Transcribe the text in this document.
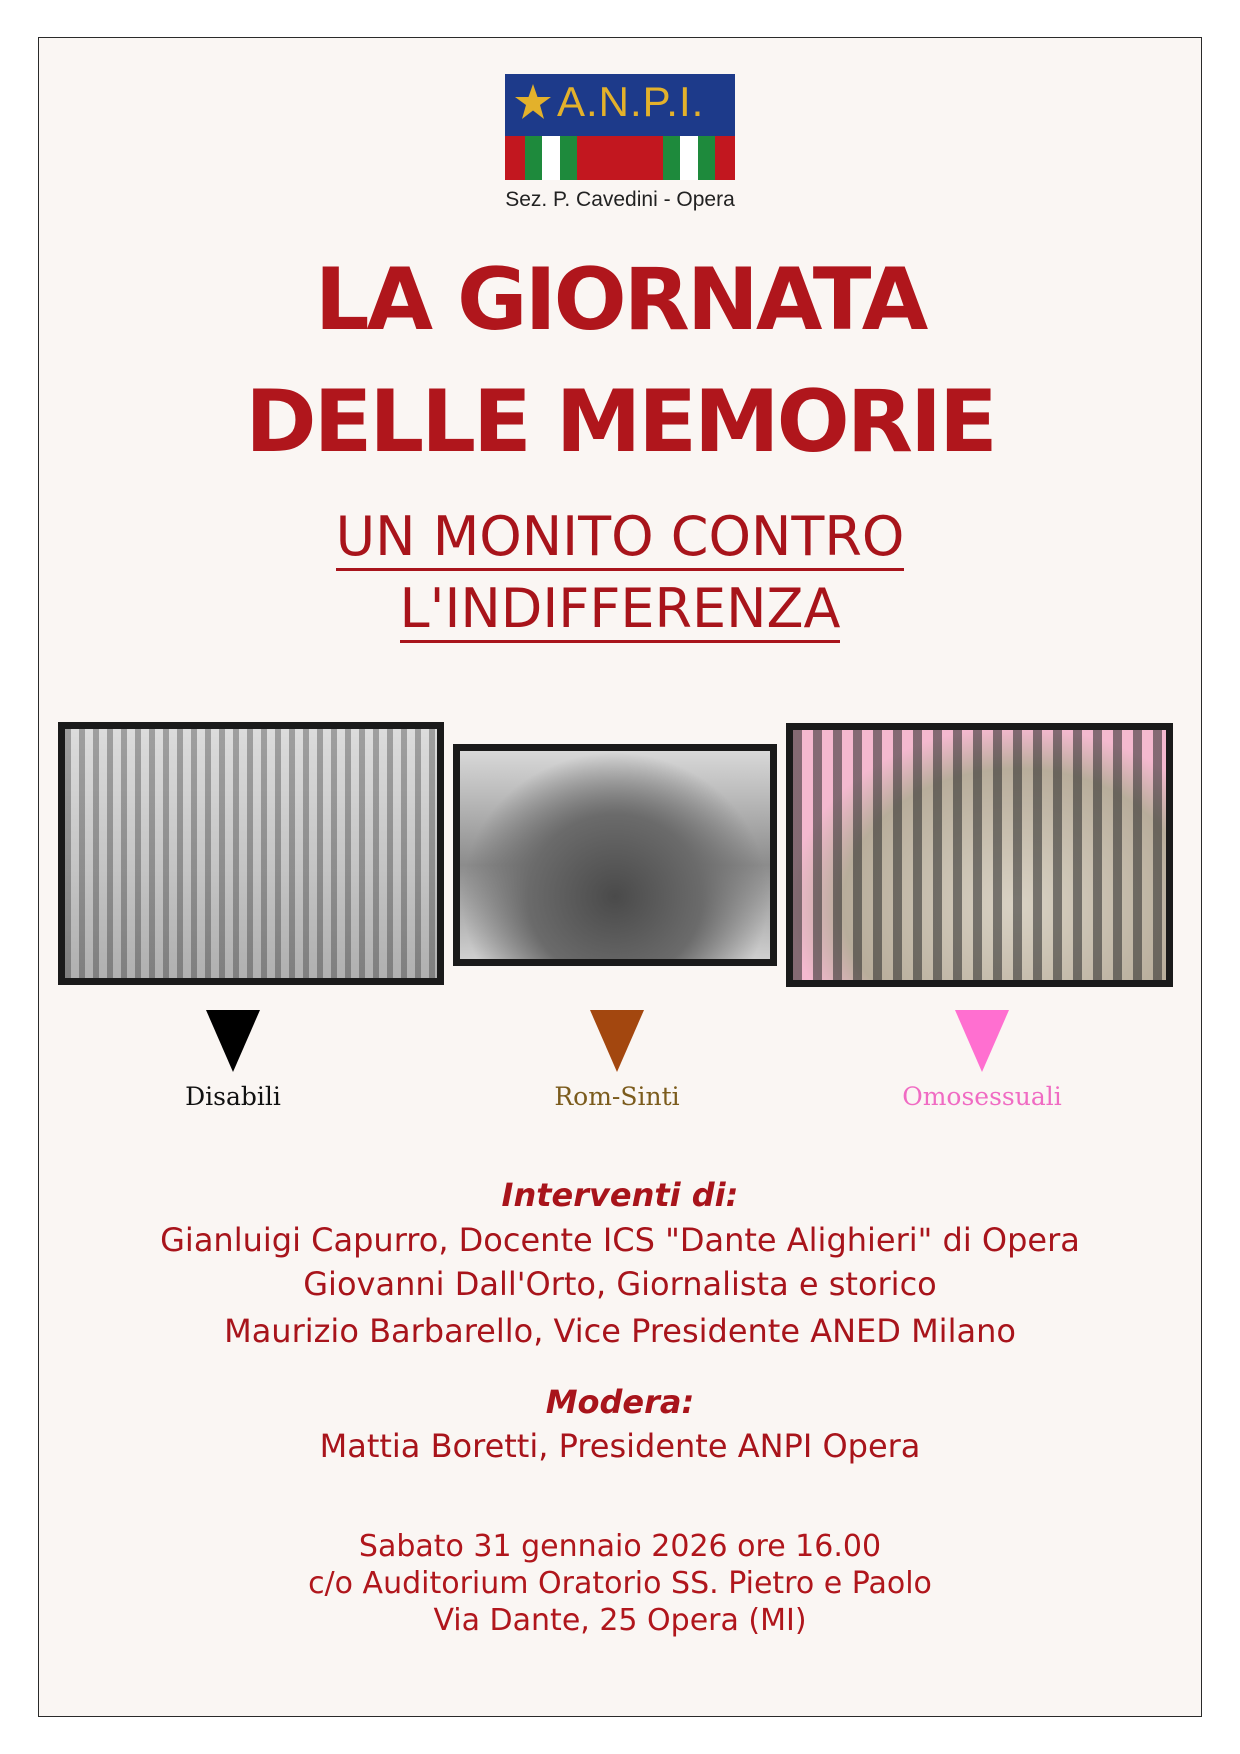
A.N.P.I.
Sez. P. Cavedini - Opera
LA GIORNATA
DELLE MEMORIE
UN MONITO CONTRO
L'INDIFFERENZA
Disabili	Rom-Sinti	Omosessuali
Interventi di:
Gianluigi Capurro, Docente ICS "Dante Alighieri" di Opera
Giovanni Dall'Orto, Giornalista e storico
Maurizio Barbarello, Vice Presidente ANED Milano
Modera:
Mattia Boretti, Presidente ANPI Opera
Sabato 31 gennaio 2026 ore 16.00
c/o Auditorium Oratorio SS. Pietro e Paolo
Via Dante, 25 Opera (MI)
